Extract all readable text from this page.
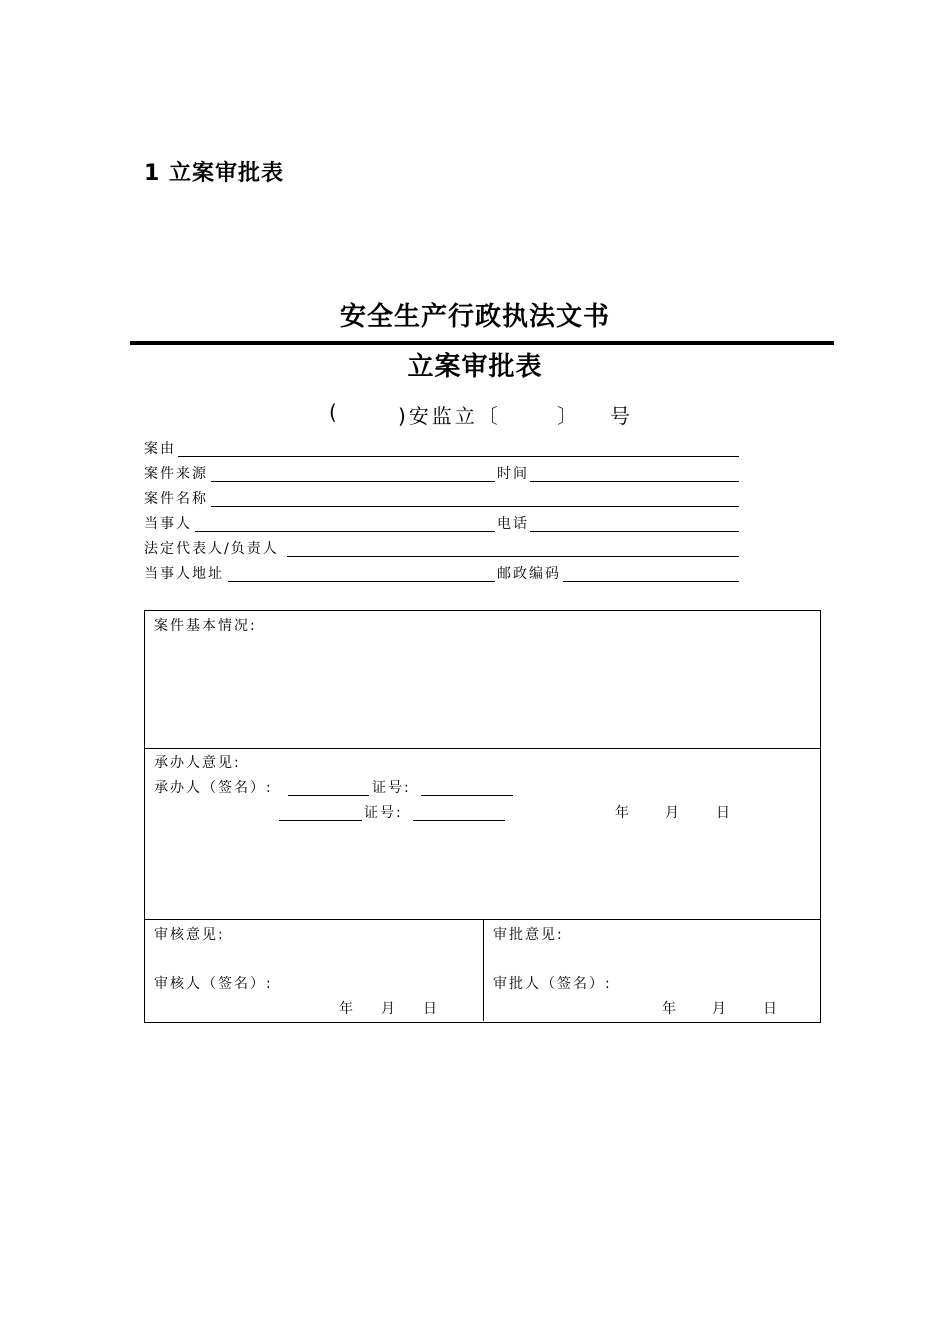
1 立案审批表
安全生产行政执法文书
立案审批表
(	)安监立〔	〕 号
案由
案件来源	时间
案件名称
当事人	电话
法定代表人/负责人
当事人地址	邮政编码
案件基本情况:
承办人意见:
承办人（签名）:	证号:
证号:	年 月	日
审核意见:
审核人（签名）:
年 月 日
审批意见:
审批人（签名）:
年 月	日
